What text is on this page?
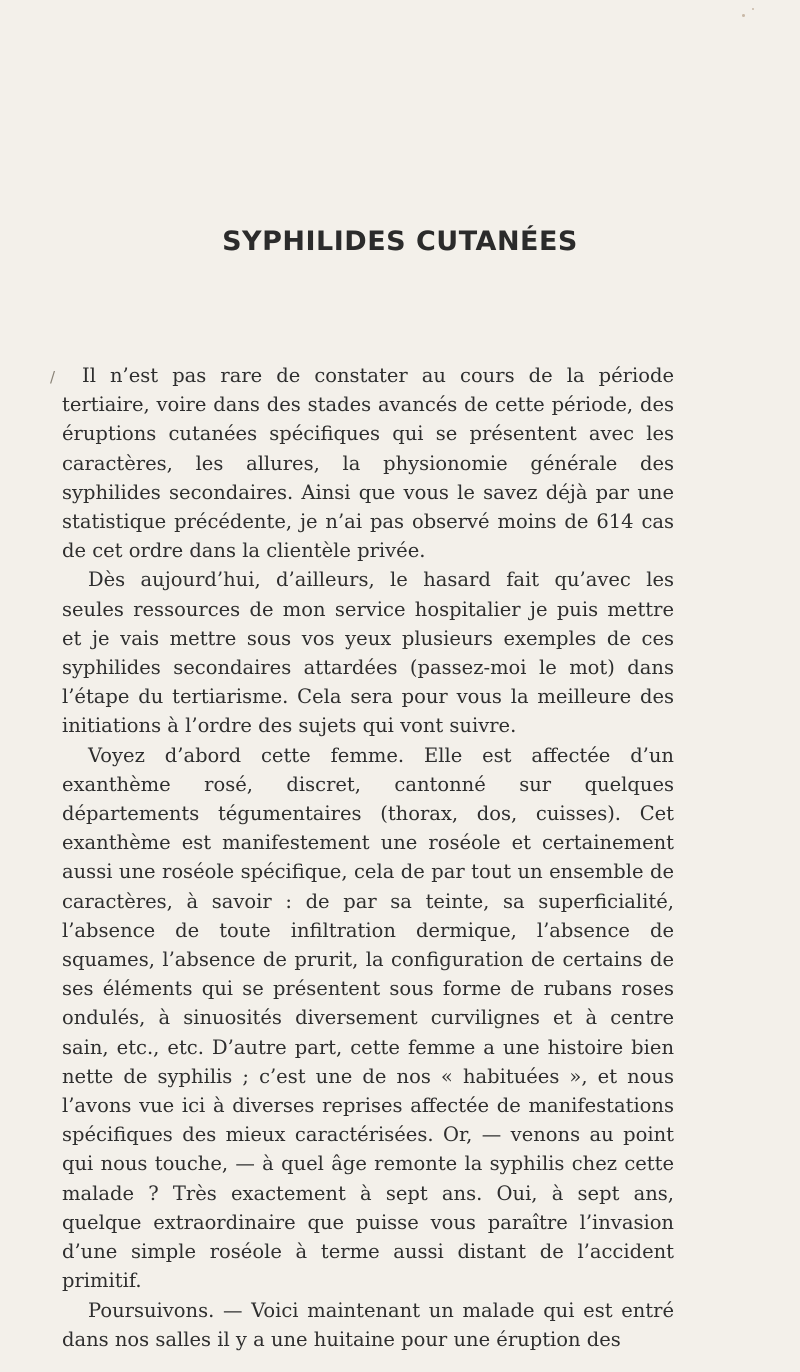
SYPHILIDES CUTANÉES
/	Il n’est pas rare de constater au cours de la période tertiaire, voire dans des stades avancés de cette période, des éruptions cutanées spécifiques qui se présentent avec les caractères, les allures, la physionomie générale des syphilides secondaires. Ainsi que vous le savez déjà par une statistique précédente, je n’ai pas observé moins de 614 cas de cet ordre dans la clientèle privée.

Dès aujourd’hui, d’ailleurs, le hasard fait qu’avec les seules ressources de mon service hospitalier je puis mettre et je vais mettre sous vos yeux plusieurs exemples de ces syphilides secondaires attardées (passez-moi le mot) dans l’étape du tertiarisme. Cela sera pour vous la meilleure des initiations à l’ordre des sujets qui vont suivre.

Voyez d’abord cette femme. Elle est affectée d’un exanthème rosé, discret, cantonné sur quelques départements tégumentaires (thorax, dos, cuisses). Cet exanthème est manifestement une roséole et certainement aussi une roséole spécifique, cela de par tout un ensemble de caractères, à savoir : de par sa teinte, sa superficialité, l’absence de toute infiltration dermique, l’absence de squames, l’absence de prurit, la configuration de certains de ses éléments qui se présentent sous forme de rubans roses ondulés, à sinuosités diversement curvilignes et à centre sain, etc., etc. D’autre part, cette femme a une histoire bien nette de syphilis ; c’est une de nos « habituées », et nous l’avons vue ici à diverses reprises affectée de manifestations spécifiques des mieux caractérisées. Or, — venons au point qui nous touche, — à quel âge remonte la syphilis chez cette malade ? Très exactement à sept ans. Oui, à sept ans, quelque extraordinaire que puisse vous paraître l’invasion d’une simple roséole à terme aussi distant de l’accident primitif.

Poursuivons. — Voici maintenant un malade qui est entré dans nos salles il y a une huitaine pour une éruption des
